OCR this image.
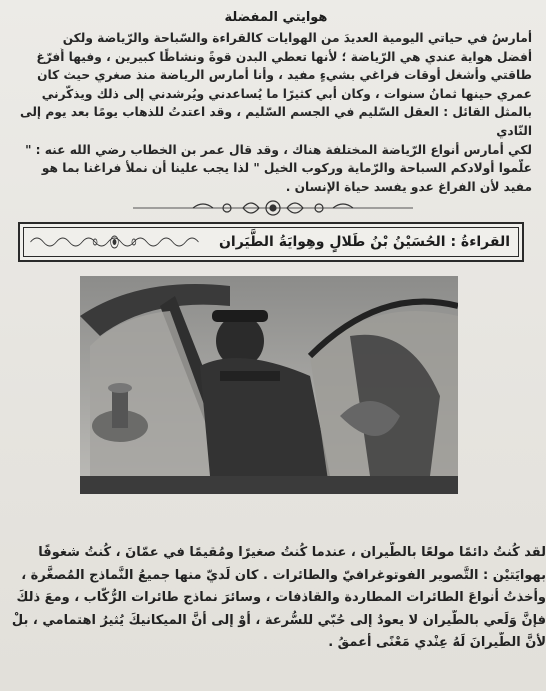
هوايتي المفضلة

أمارسُ في حياتي اليومية العديدَ من الهوايات كالقراءة والسّباحة والرّياضة ولكن
أفضل هواية عندي هي الرّياضة ؛ لأنها تعطي البدن قوةً ونشاطًا كبيرين ، وفيها أُفرّغ
طاقتي وأشغل أوقات فراغي بشيءٍ مفيد ، وأنا أمارس الرياضة منذ صغري حيث كان
عمري حينها ثمانُ سنوات ، وكان أبي كثيرًا ما يُساعدني ويُرشدني إلى ذلك ويذكّرني
بالمثل القائل : العقل السّليم في الجسم السّليم ، وقد اعتدتُ للذهاب يومًا بعد يوم إلى النّادي
لكي أمارس أنواع الرّياضة المختلفة هناك ، وقد قال عمر بن الخطاب رضي الله عنه : "
علّموا أولادكم السباحة والرّماية وركوب الخيل " لذا يجب علينا أن نملأ فراغنا بما هو
مفيد لأن الفراغ عدو يفسد حياة الإنسان .

القراءةُ : الحُسَيْنُ بْنُ طَلالٍ وهِوايَةُ الطَّيَران

لقد كُنتُ دائمًا مولعًا بالطَّيران ، عندما كُنتُ صغيرًا ومُقيمًا في عمّانَ ، كُنتُ شغوفًا
بهوايَتيْن : التَّصوير الفوتوغرافيّ والطائرات . كان لَديّ منها جميعُ النَّماذج المُصغَّرة ،
وأخذتُ أنواعَ الطائرات المطاردة والقاذفات ، وسائرَ نماذج طائرات الرُّكّاب ، ومعَ ذلكَ
فإنَّ وَلَعي بالطَّيران لا يعودُ إلى حُبّي للسُّرعة ، أوْ إلى أنَّ الميكانيكَ يُثيرُ اهتمامي ، بلْ
لأنَّ الطَّيرانَ لَهُ عِنْدي مَعْنًى أعمقُ .
